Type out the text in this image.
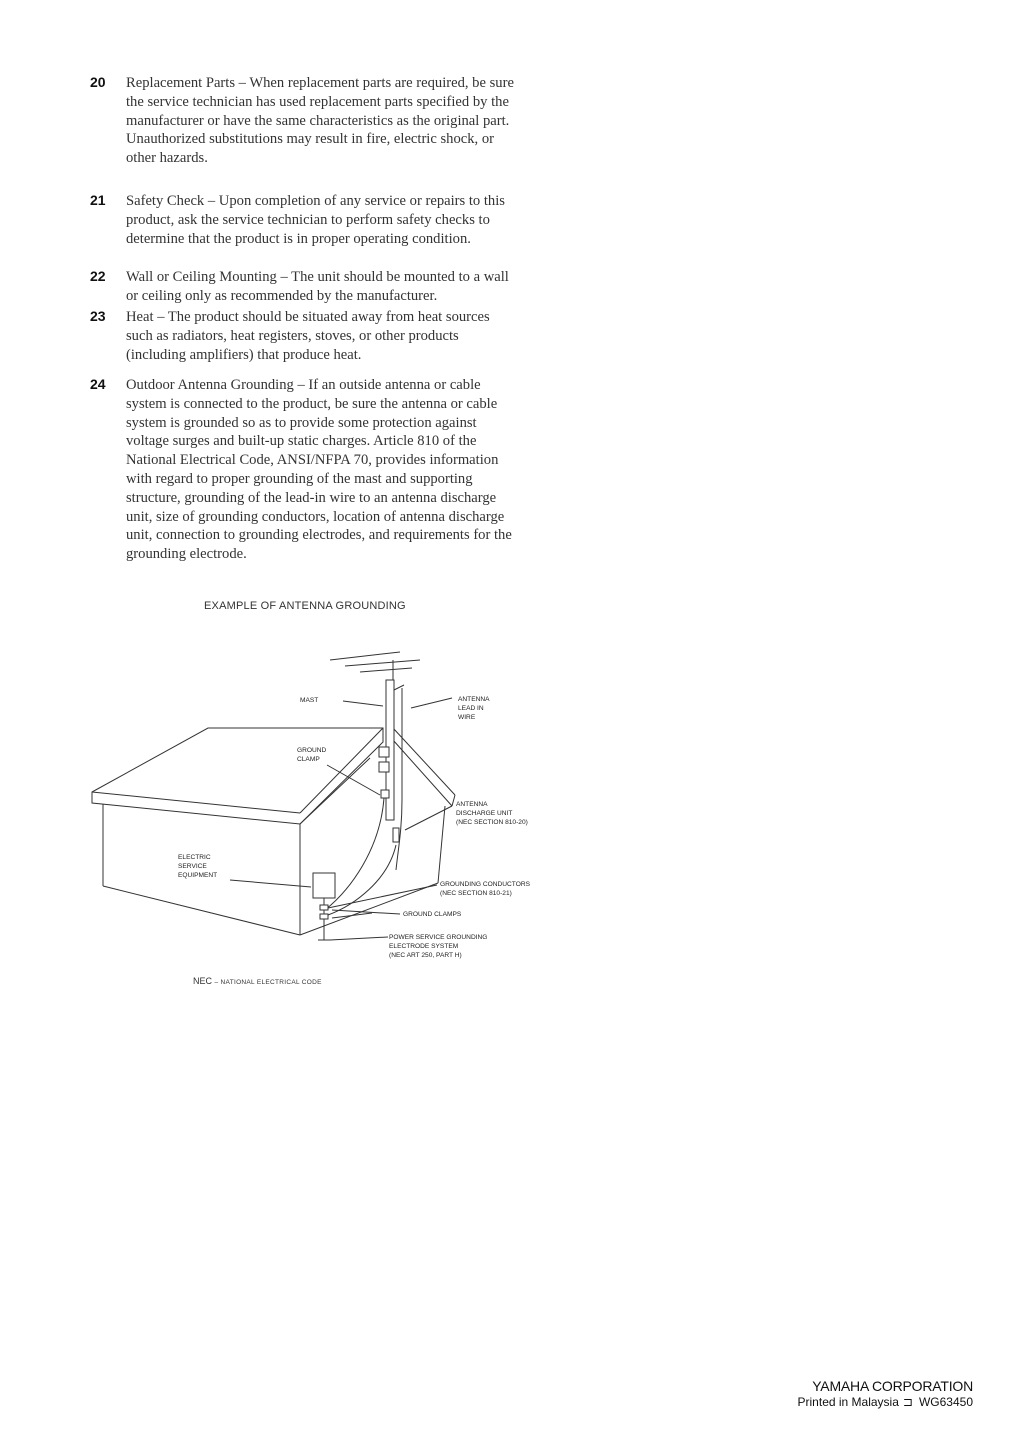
20 Replacement Parts – When replacement parts are required, be sure the service technician has used replacement parts specified by the manufacturer or have the same characteristics as the original part. Unauthorized substitutions may result in fire, electric shock, or other hazards.
21 Safety Check – Upon completion of any service or repairs to this product, ask the service technician to perform safety checks to determine that the product is in proper operating condition.
22 Wall or Ceiling Mounting – The unit should be mounted to a wall or ceiling only as recommended by the manufacturer.
23 Heat – The product should be situated away from heat sources such as radiators, heat registers, stoves, or other products (including amplifiers) that produce heat.
24 Outdoor Antenna Grounding – If an outside antenna or cable system is connected to the product, be sure the antenna or cable system is grounded so as to provide some protection against voltage surges and built-up static charges. Article 810 of the National Electrical Code, ANSI/NFPA 70, provides information with regard to proper grounding of the mast and supporting structure, grounding of the lead-in wire to an antenna discharge unit, size of grounding conductors, location of antenna discharge unit, connection to grounding electrodes, and requirements for the grounding electrode.
EXAMPLE OF ANTENNA GROUNDING
MAST	ANTENNA
LEAD IN
WIRE
GROUND
CLAMP
ANTENNA
DISCHARGE UNIT
(NEC SECTION 810-20)
ELECTRIC
SERVICE
EQUIPMENT
GROUNDING CONDUCTORS
(NEC SECTION 810-21)
GROUND CLAMPS
POWER SERVICE GROUNDING
ELECTRODE SYSTEM
(NEC ART 250, PART H)
NEC – NATIONAL ELECTRICAL CODE
YAMAHA CORPORATION
Printed in Malaysia ⊐ WG63450
